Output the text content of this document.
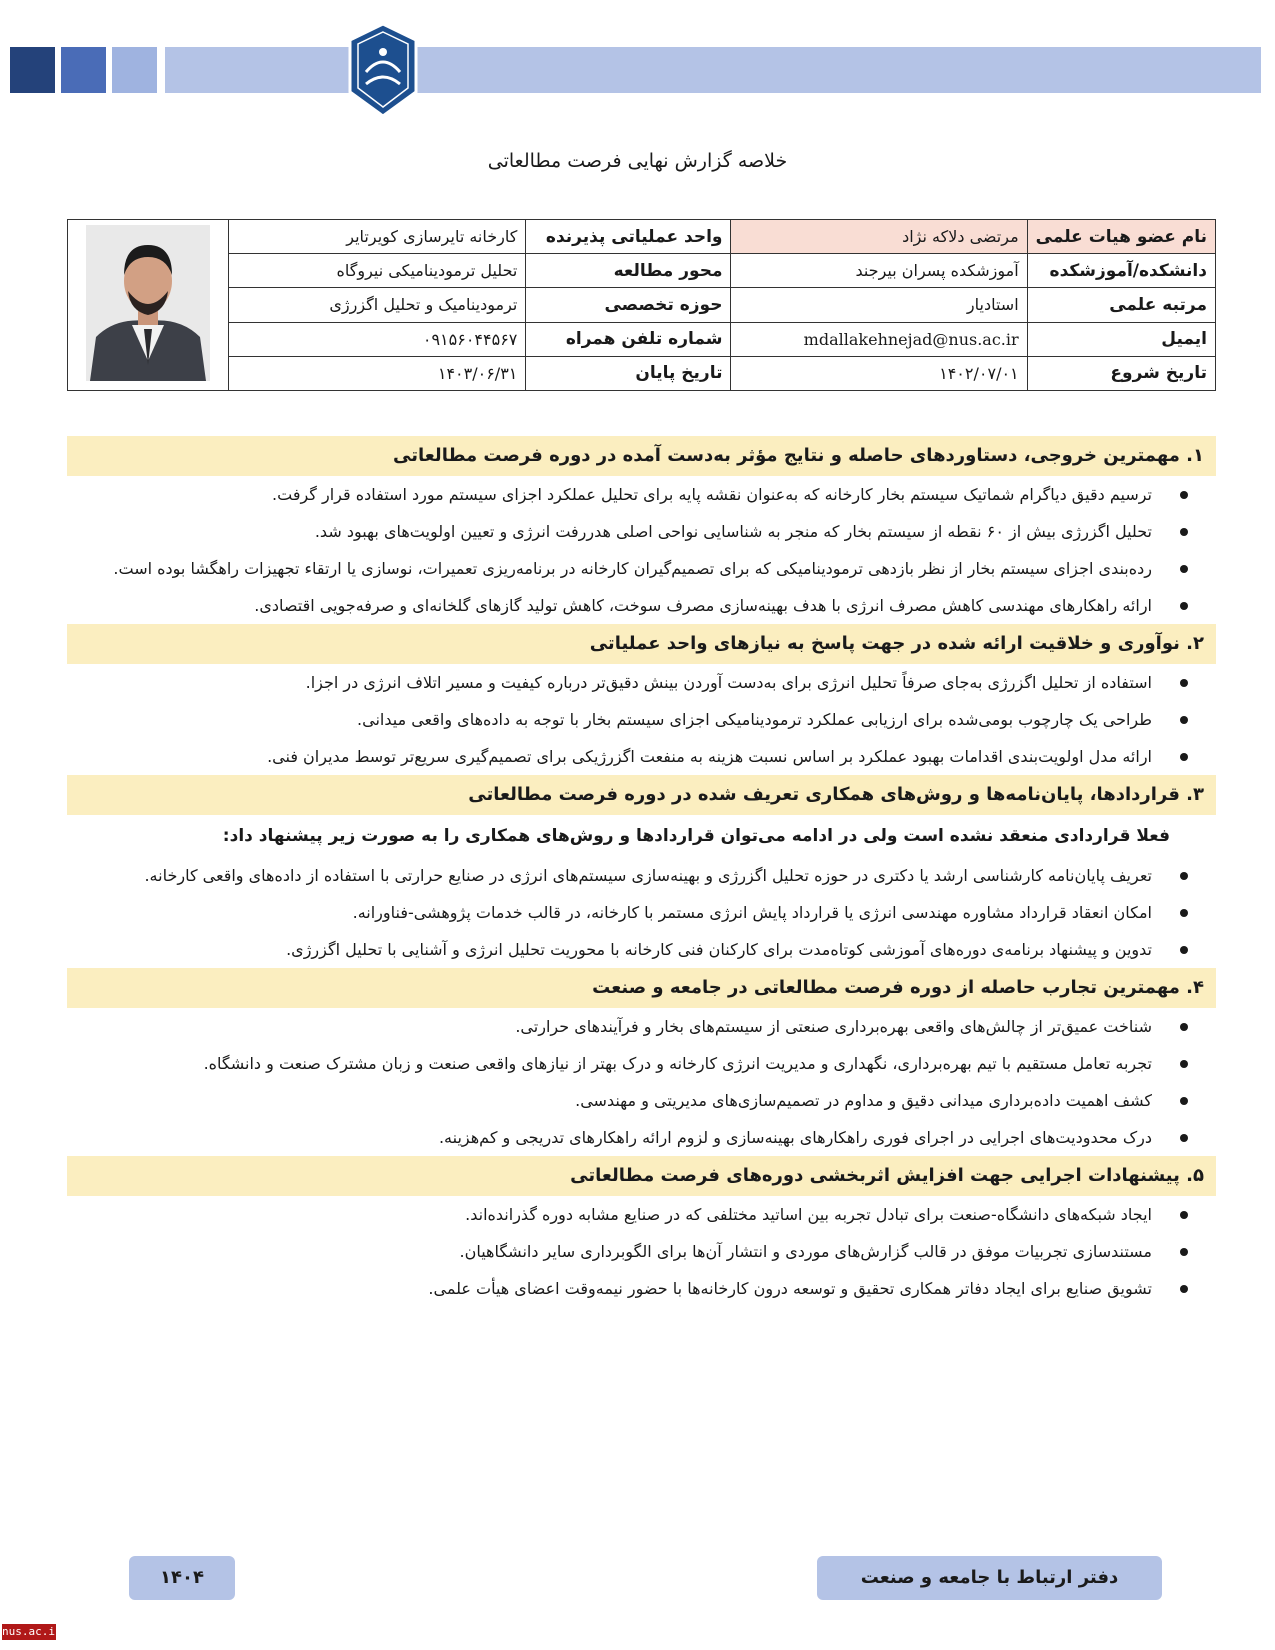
خلاصه گزارش نهایی فرصت مطالعاتی
نام عضو هیات علمی	مرتضی دلاکه نژاد	واحد عملیاتی پذیرنده	کارخانه تایرسازی کویرتایر	
دانشکده/آموزشکده	آموزشکده پسران بیرجند	محور مطالعه	تحلیل ترمودینامیکی نیروگاه	
مرتبه علمی	استادیار	حوزه تخصصی	ترمودینامیک و تحلیل اگزرژی	
ایمیل	mdallakehnejad@nus.ac.ir	شماره تلفن همراه	۰۹۱۵۶۰۴۴۵۶۷	
تاریخ شروع	۱۴۰۲/۰۷/۰۱	تاریخ پایان	۱۴۰۳/۰۶/۳۱	
۱. مهمترین خروجی، دستاوردهای حاصله و نتایج مؤثر به‌دست آمده در دوره فرصت مطالعاتی
ترسیم دقیق دیاگرام شماتیک سیستم بخار کارخانه که به‌عنوان نقشه پایه برای تحلیل عملکرد اجزای سیستم مورد استفاده قرار گرفت.
تحلیل اگزرژی بیش از ۶۰ نقطه از سیستم بخار که منجر به شناسایی نواحی اصلی هدررفت انرژی و تعیین اولویت‌های بهبود شد.
رده‌بندی اجزای سیستم بخار از نظر بازدهی ترمودینامیکی که برای تصمیم‌گیران کارخانه در برنامه‌ریزی تعمیرات، نوسازی یا ارتقاء تجهیزات راهگشا بوده است.
ارائه راهکارهای مهندسی کاهش مصرف انرژی با هدف بهینه‌سازی مصرف سوخت، کاهش تولید گازهای گلخانه‌ای و صرفه‌جویی اقتصادی.
۲. نوآوری و خلاقیت ارائه شده در جهت پاسخ به نیازهای واحد عملیاتی
استفاده از تحلیل اگزرژی به‌جای صرفاً تحلیل انرژی برای به‌دست آوردن بینش دقیق‌تر درباره کیفیت و مسیر اتلاف انرژی در اجزا.
طراحی یک چارچوب بومی‌شده برای ارزیابی عملکرد ترمودینامیکی اجزای سیستم بخار با توجه به داده‌های واقعی میدانی.
ارائه مدل اولویت‌بندی اقدامات بهبود عملکرد بر اساس نسبت هزینه به منفعت اگزرژیکی برای تصمیم‌گیری سریع‌تر توسط مدیران فنی.
۳. قراردادها، پایان‌نامه‌ها و روش‌های همکاری تعریف شده در دوره فرصت مطالعاتی
فعلا قراردادی منعقد نشده است ولی در ادامه می‌توان قراردادها و روش‌های همکاری را به صورت زیر پیشنهاد داد:
تعریف پایان‌نامه کارشناسی ارشد یا دکتری در حوزه تحلیل اگزرژی و بهینه‌سازی سیستم‌های انرژی در صنایع حرارتی با استفاده از داده‌های واقعی کارخانه.
امکان انعقاد قرارداد مشاوره مهندسی انرژی یا قرارداد پایش انرژی مستمر با کارخانه، در قالب خدمات پژوهشی-فناورانه.
تدوین و پیشنهاد برنامه‌ی دوره‌های آموزشی کوتاه‌مدت برای کارکنان فنی کارخانه با محوریت تحلیل انرژی و آشنایی با تحلیل اگزرژی.
۴. مهمترین تجارب حاصله از دوره فرصت مطالعاتی در جامعه و صنعت
شناخت عمیق‌تر از چالش‌های واقعی بهره‌برداری صنعتی از سیستم‌های بخار و فرآیندهای حرارتی.
تجربه تعامل مستقیم با تیم بهره‌برداری، نگهداری و مدیریت انرژی کارخانه و درک بهتر از نیازهای واقعی صنعت و زبان مشترک صنعت و دانشگاه.
کشف اهمیت داده‌برداری میدانی دقیق و مداوم در تصمیم‌سازی‌های مدیریتی و مهندسی.
درک محدودیت‌های اجرایی در اجرای فوری راهکارهای بهینه‌سازی و لزوم ارائه راهکارهای تدریجی و کم‌هزینه.
۵. پیشنهادات اجرایی جهت افزایش اثربخشی دوره‌های فرصت مطالعاتی
ایجاد شبکه‌های دانشگاه-صنعت برای تبادل تجربه بین اساتید مختلفی که در صنایع مشابه دوره گذرانده‌اند.
مستندسازی تجربیات موفق در قالب گزارش‌های موردی و انتشار آن‌ها برای الگوبرداری سایر دانشگاهیان.
تشویق صنایع برای ایجاد دفاتر همکاری تحقیق و توسعه درون کارخانه‌ها با حضور نیمه‌وقت اعضای هیأت علمی.
۱۴۰۴	دفتر ارتباط با جامعه و صنعت
nus.ac.ir
